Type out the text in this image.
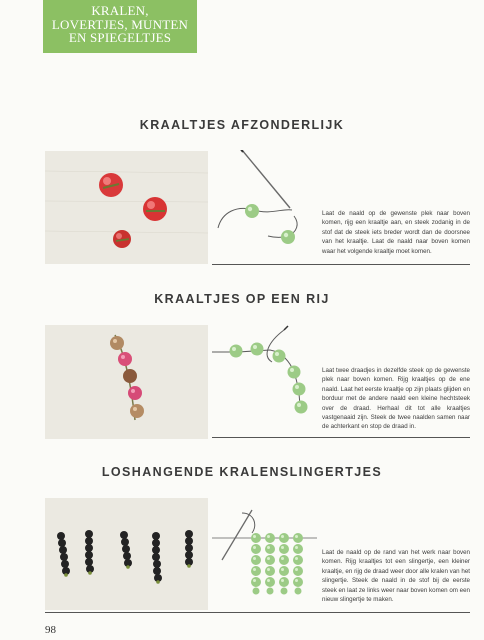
KRALEN,
LOVERTJES, MUNTEN
EN SPIEGELTJES
KRAALTJES AFZONDERLIJK
Laat de naald op de gewenste plek naar boven komen, rijg een kraaltje aan, en steek zodanig in de stof dat de steek iets breder wordt dan de doorsnee van het kraaltje. Laat de naald naar boven komen waar het volgende kraaltje moet komen.
KRAALTJES OP EEN RIJ
Laat twee draadjes in dezelfde steek op de gewenste plek naar boven komen. Rijg kraaltjes op de ene naald. Laat het eerste kraaltje op zijn plaats glijden en borduur met de andere naald een kleine hechtsteek over de draad. Herhaal dit tot alle kraaltjes vastgenaaid zijn. Steek de twee naalden samen naar de achterkant en stop de draad in.
LOSHANGENDE KRALENSLINGERTJES
Laat de naald op de rand van het werk naar boven komen. Rijg kraaltjes tot een slingertje, een kleiner kraaltje, en rijg de draad weer door alle kralen van het slingertje. Steek de naald in de stof bij de eerste steek en laat ze links weer naar boven komen om een nieuw slingertje te maken.
98
